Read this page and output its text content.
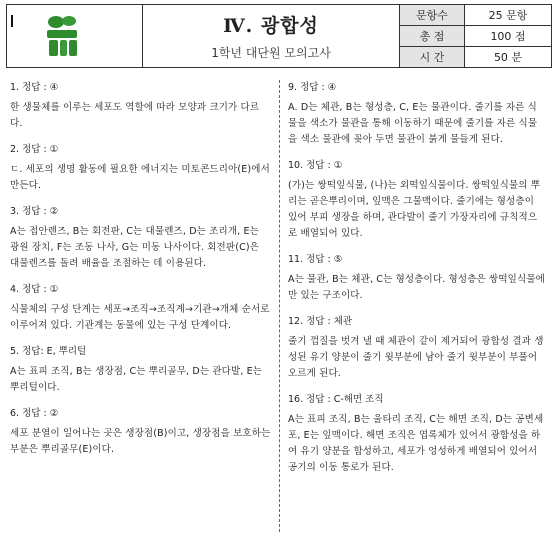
Ⅳ. 광합성
1학년 대단원 모의고사
문항수	25 문항
총 점	100 점
시 간	50 분
1. 정답 : ④
한 생물체를 이루는 세포도 역할에 따라 모양과 크기가 다르다.
2. 정답 : ①
ㄷ. 세포의 생명 활동에 필요한 에너지는 미토콘드리아(E)에서 만든다.
3. 정답 : ②
A는 접안렌즈, B는 회전판, C는 대물렌즈, D는 조리개, E는 광원 장치, F는 조동 나사, G는 미동 나사이다. 회전판(C)은 대물렌즈를 돌려 배율을 조절하는 데 이용된다.
4. 정답 : ①
식물체의 구성 단계는 세포→조직→조직계→기관→개체 순서로 이루어져 있다. 기관계는 동물에 있는 구성 단계이다.
5. 정답: E, 뿌리털
A는 표피 조직, B는 생장점, C는 뿌리골무, D는 관다발, E는 뿌리털이다.
6. 정답 : ②
세포 분열이 일어나는 곳은 생장점(B)이고, 생장점을 보호하는 부분은 뿌리골무(E)이다.
9. 정답 : ④
A. D는 체관, B는 형성층, C, E는 물관이다. 줄기를 자른 식물을 색소가 물관을 통해 이동하기 때문에 줄기를 자른 식물을 색소 물관에 꽂아 두면 물관이 붉게 물들게 된다.
10. 정답 : ①
(가)는 쌍떡잎식물, (나)는 외떡잎식물이다. 쌍떡잎식물의 뿌리는 곧은뿌리이며, 잎맥은 그물맥이다. 줄기에는 형성층이 있어 부피 생장을 하며, 관다발이 줄기 가장자리에 규칙적으로 배열되어 있다.
11. 정답 : ⑤
A는 물관, B는 체관, C는 형성층이다. 형성층은 쌍떡잎식물에만 있는 구조이다.
12. 정답 : 체관
줄기 껍질을 벗겨 낼 때 체관이 같이 제거되어 광합성 결과 생성된 유기 양분이 줄기 윗부분에 남아 줄기 윗부분이 부풀어 오르게 된다.
16. 정답 : C-해면 조직
A는 표피 조직, B는 울타리 조직, C는 해면 조직, D는 공변세포, E는 잎맥이다. 해면 조직은 엽록체가 있어서 광합성을 하여 유기 양분을 합성하고, 세포가 엉성하게 배열되어 있어서 공기의 이동 통로가 된다.
